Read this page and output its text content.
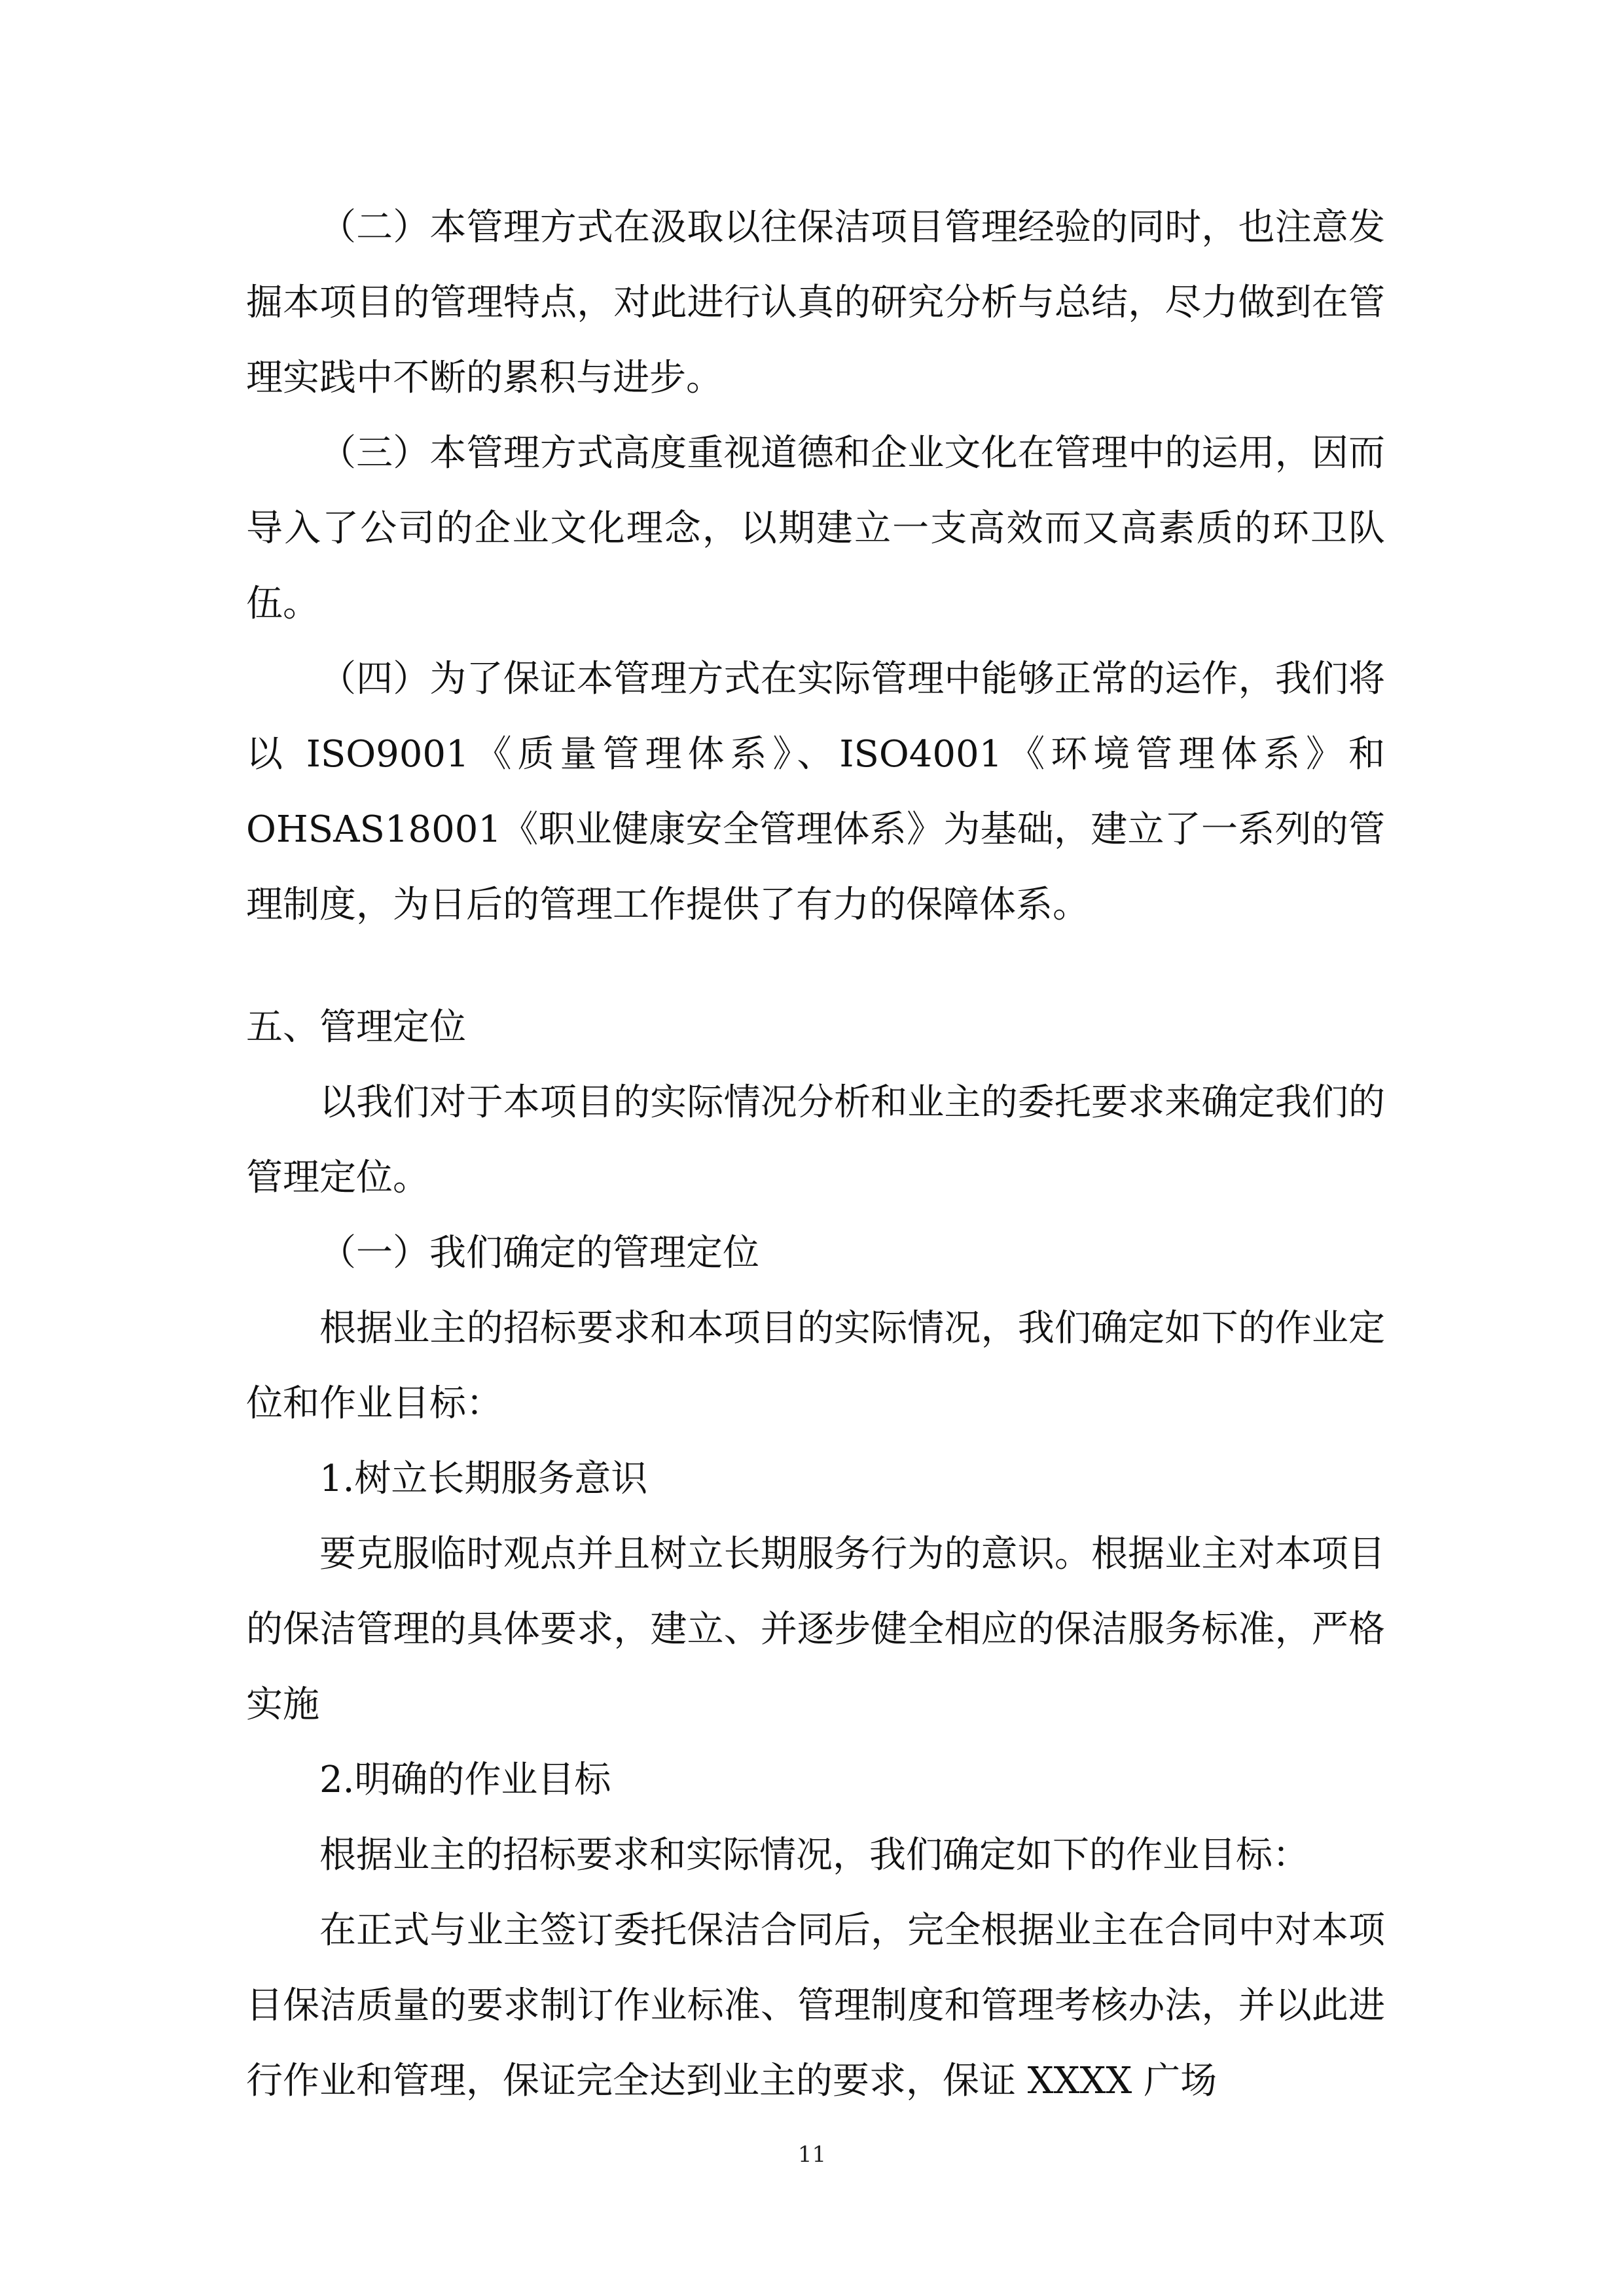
（二）本管理方式在汲取以往保洁项目管理经验的同时，也注意发掘本项目的管理特点，对此进行认真的研究分析与总结，尽力做到在管理实践中不断的累积与进步。

（三）本管理方式高度重视道德和企业文化在管理中的运用，因而导入了公司的企业文化理念，以期建立一支高效而又高素质的环卫队伍。

（四）为了保证本管理方式在实际管理中能够正常的运作，我们将以 ISO9001《质量管理体系》、ISO4001《环境管理体系》和 OHSAS18001《职业健康安全管理体系》为基础，建立了一系列的管理制度，为日后的管理工作提供了有力的保障体系。

五、管理定位

以我们对于本项目的实际情况分析和业主的委托要求来确定我们的管理定位。

（一）我们确定的管理定位

根据业主的招标要求和本项目的实际情况，我们确定如下的作业定位和作业目标：

1.树立长期服务意识

要克服临时观点并且树立长期服务行为的意识。根据业主对本项目的保洁管理的具体要求，建立、并逐步健全相应的保洁服务标准，严格实施

2.明确的作业目标

根据业主的招标要求和实际情况，我们确定如下的作业目标：

在正式与业主签订委托保洁合同后，完全根据业主在合同中对本项目保洁质量的要求制订作业标准、管理制度和管理考核办法，并以此进行作业和管理，保证完全达到业主的要求，保证 XXXX 广场

11
